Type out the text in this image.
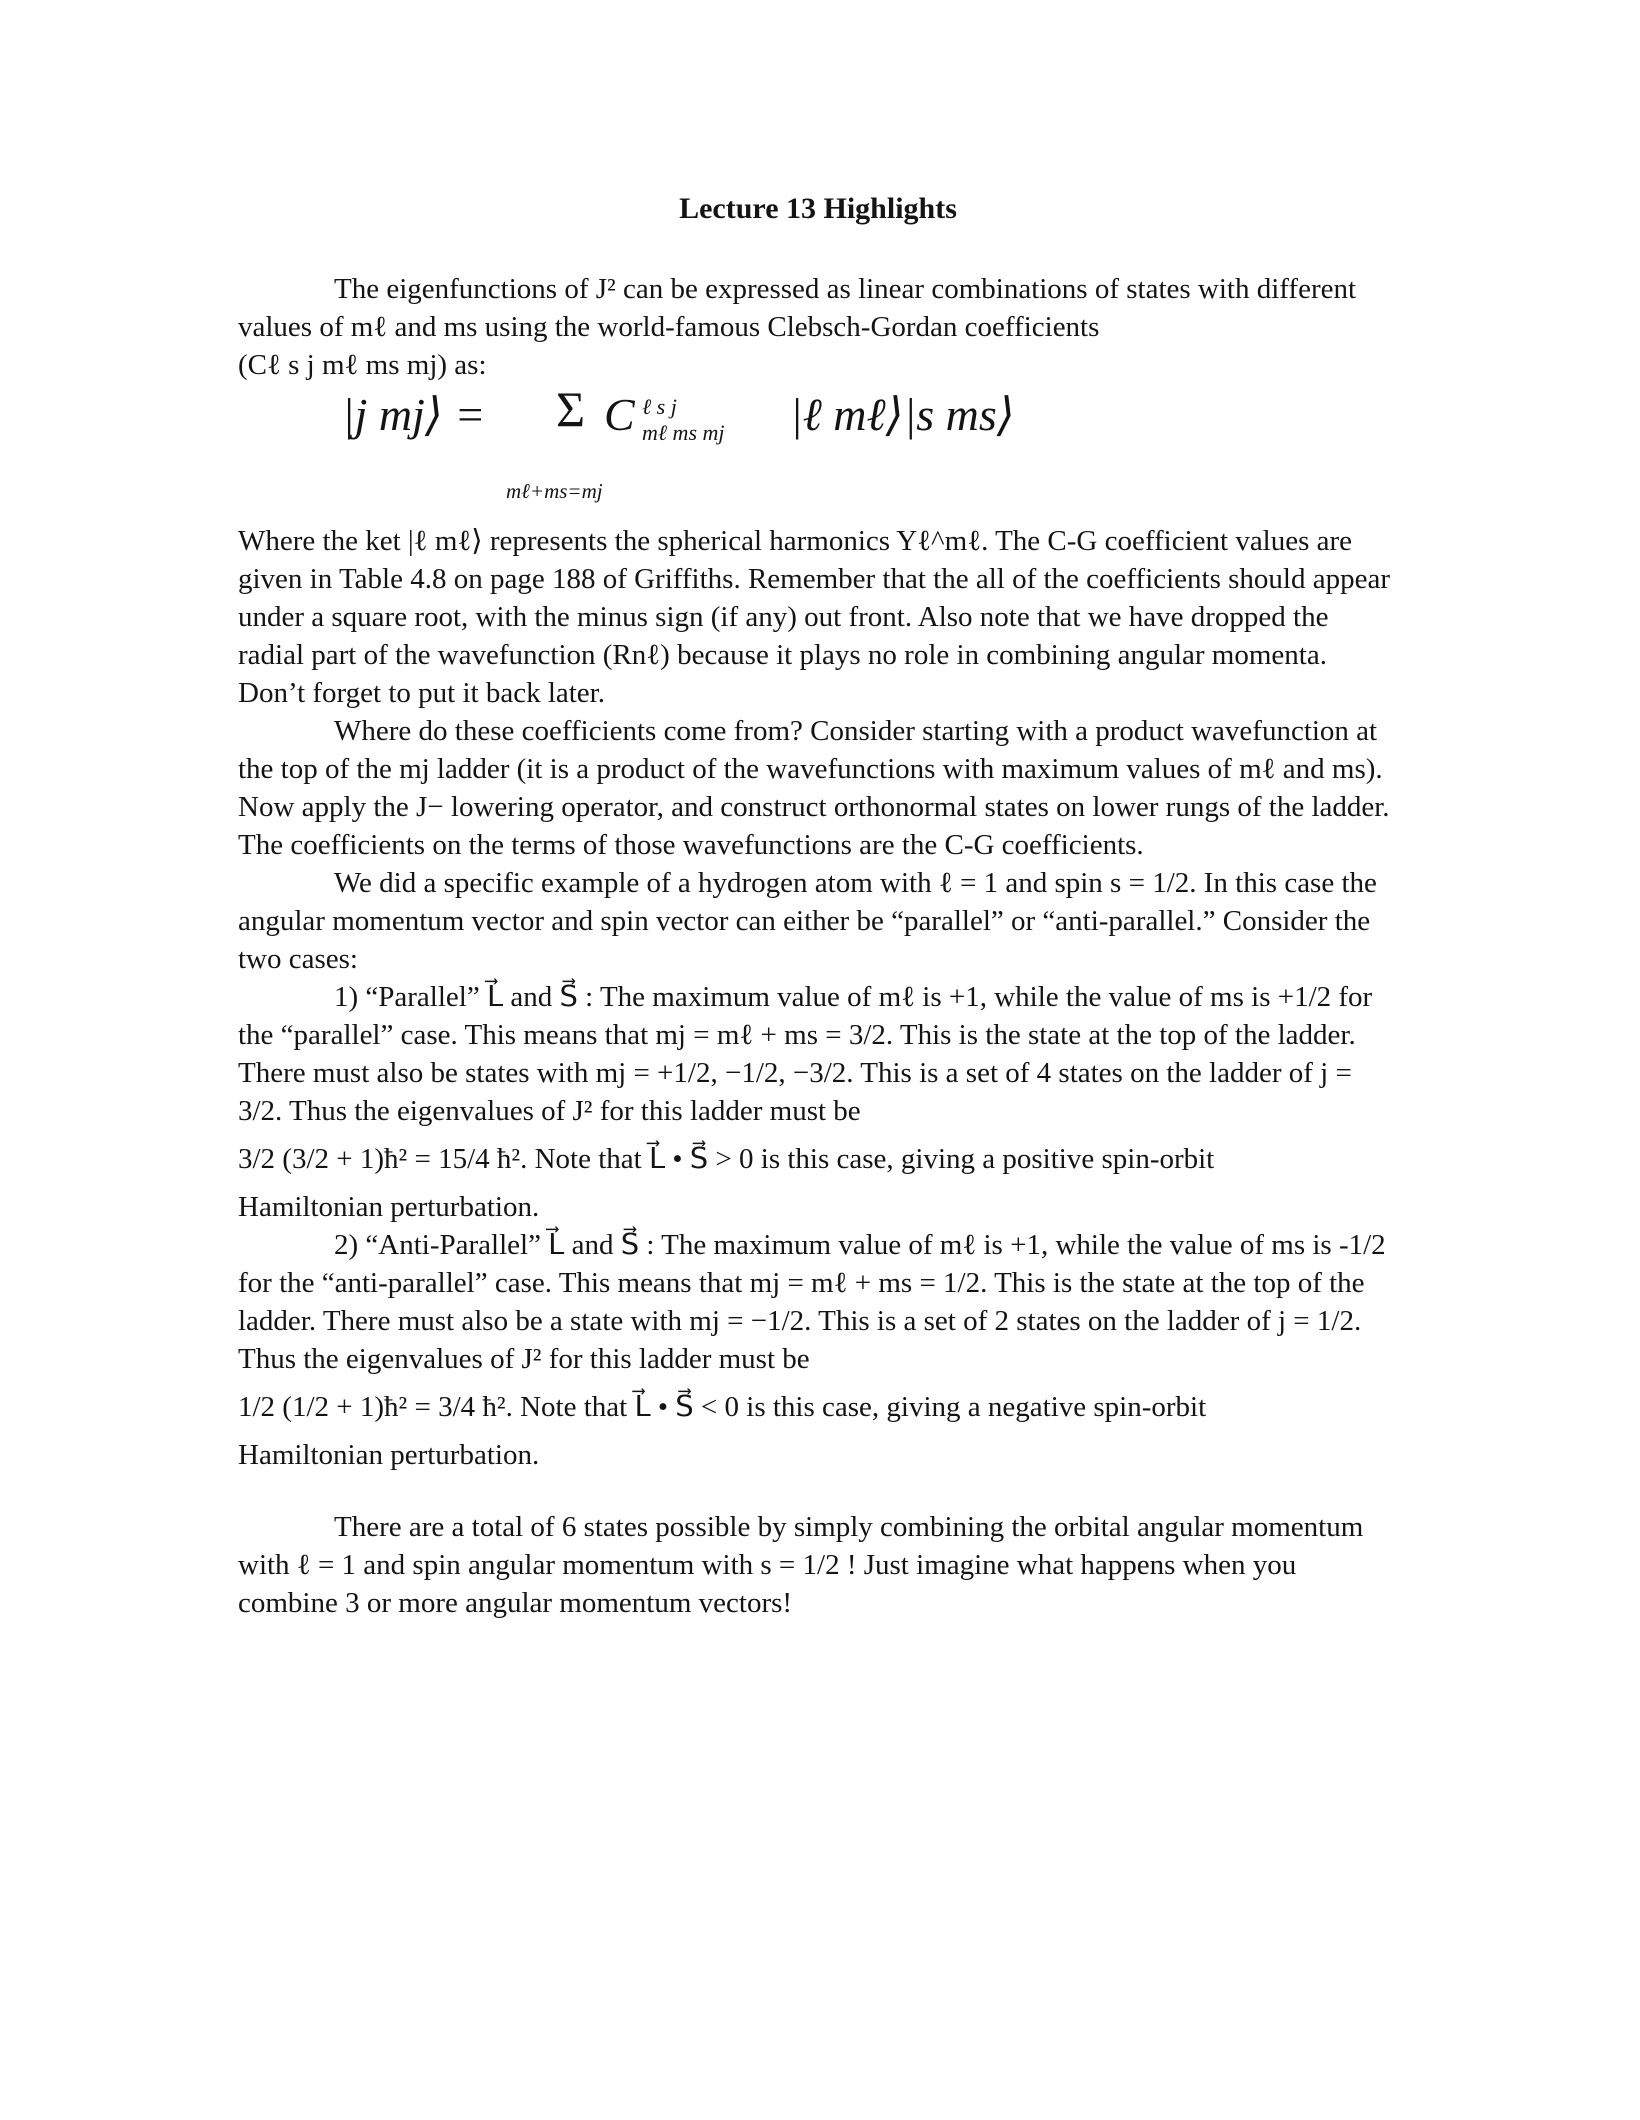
Lecture 13 Highlights

The eigenfunctions of J² can be expressed as linear combinations of states with different values of mℓ and ms using the world-famous Clebsch-Gordan coefficients

(Cℓ s j mℓ ms mj) as:

|j mj⟩ = Σ C ℓ s j
mℓ ms mj	|ℓ mℓ⟩|s ms⟩
mℓ+ms=mj

Where the ket |ℓ mℓ⟩ represents the spherical harmonics Yℓ^mℓ. The C-G coefficient values are given in Table 4.8 on page 188 of Griffiths. Remember that the all of the coefficients should appear under a square root, with the minus sign (if any) out front. Also note that we have dropped the radial part of the wavefunction (Rnℓ) because it plays no role in combining angular momenta. Don’t forget to put it back later.

Where do these coefficients come from? Consider starting with a product wavefunction at the top of the mj ladder (it is a product of the wavefunctions with maximum values of mℓ and ms). Now apply the J− lowering operator, and construct orthonormal states on lower rungs of the ladder. The coefficients on the terms of those wavefunctions are the C-G coefficients.

We did a specific example of a hydrogen atom with ℓ = 1 and spin s = 1/2. In this case the angular momentum vector and spin vector can either be “parallel” or “anti-parallel.” Consider the two cases:

1) “Parallel” L⃗ and S⃗ : The maximum value of mℓ is +1, while the value of ms is +1/2 for the “parallel” case. This means that mj = mℓ + ms = 3/2. This is the state at the top of the ladder. There must also be states with mj = +1/2, −1/2, −3/2. This is a set of 4 states on the ladder of j = 3/2. Thus the eigenvalues of J² for this ladder must be

3/2 (3/2 + 1)ħ² = 15/4 ħ². Note that L⃗ • S⃗ > 0 is this case, giving a positive spin-orbit

Hamiltonian perturbation.

2) “Anti-Parallel” L⃗ and S⃗ : The maximum value of mℓ is +1, while the value of ms is -1/2 for the “anti-parallel” case. This means that mj = mℓ + ms = 1/2. This is the state at the top of the ladder. There must also be a state with mj = −1/2. This is a set of 2 states on the ladder of j = 1/2. Thus the eigenvalues of J² for this ladder must be

1/2 (1/2 + 1)ħ² = 3/4 ħ². Note that L⃗ • S⃗ < 0 is this case, giving a negative spin-orbit

Hamiltonian perturbation.

There are a total of 6 states possible by simply combining the orbital angular momentum with ℓ = 1 and spin angular momentum with s = 1/2 ! Just imagine what happens when you combine 3 or more angular momentum vectors!
